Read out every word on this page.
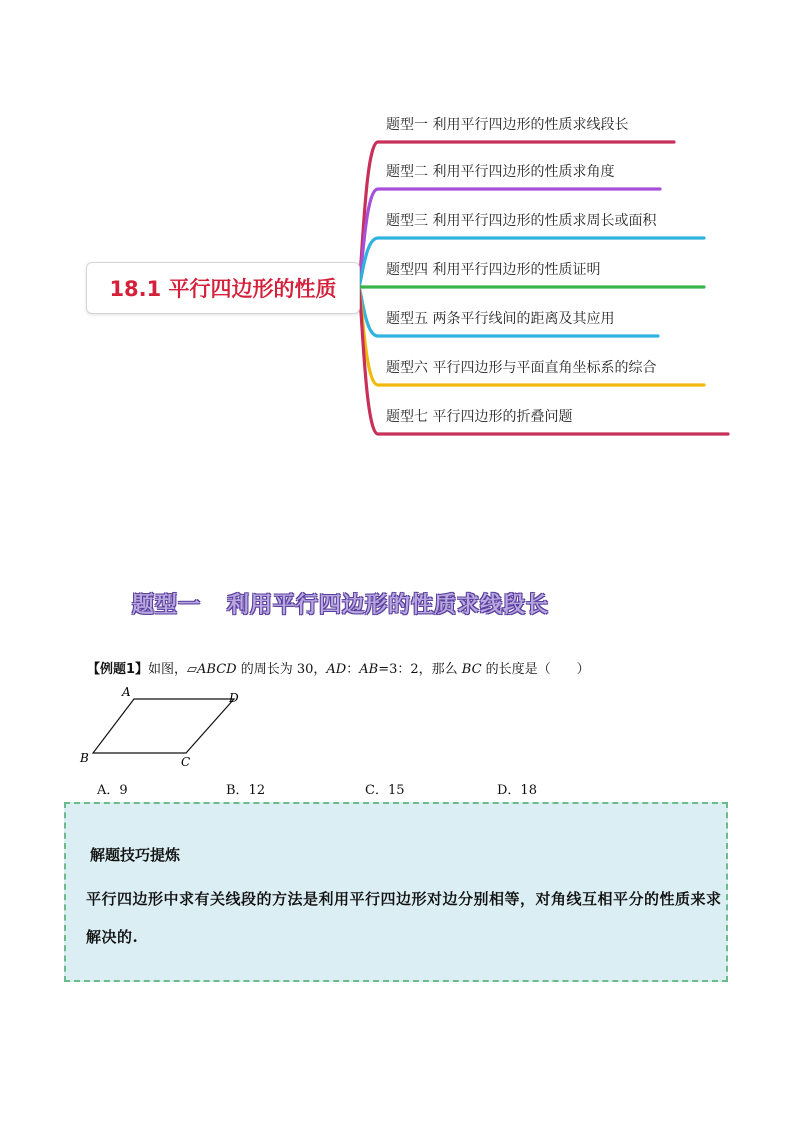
18.1 平行四边形的性质
题型一 利用平行四边形的性质求线段长
题型二 利用平行四边形的性质求角度
题型三 利用平行四边形的性质求周长或面积
题型四 利用平行四边形的性质证明
题型五 两条平行线间的距离及其应用
题型六 平行四边形与平面直角坐标系的综合
题型七 平行四边形的折叠问题
题型一   利用平行四边形的性质求线段长
【例题1】如图，▱ABCD 的周长为 30，AD：AB=3：2，那么 BC 的长度是（　　）
A	D
B	C
A．9	B．12	C．15	D．18
解题技巧提炼
平行四边形中求有关线段的方法是利用平行四边形对边分别相等，对角线互相平分的性质来求解决的.
